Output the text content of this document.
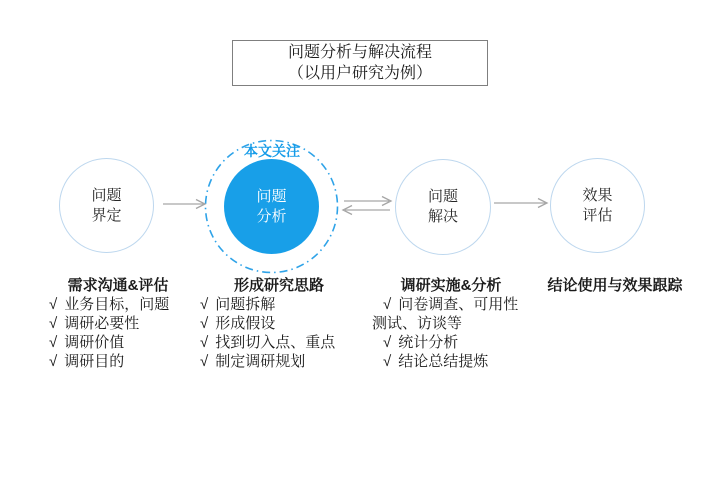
问题分析与解决流程
（以用户研究为例）
问题
界定
本文关注
问题
分析
问题
解决
效果
评估
需求沟通&评估
√ 业务目标，问题
√ 调研必要性
√ 调研价值
√ 调研目的
形成研究思路
√ 问题拆解
√ 形成假设
√ 找到切入点、重点
√ 制定调研规划
调研实施&分析
√ 问卷调查、可用性测试、访谈等
√ 统计分析
√ 结论总结提炼
结论使用与效果跟踪
